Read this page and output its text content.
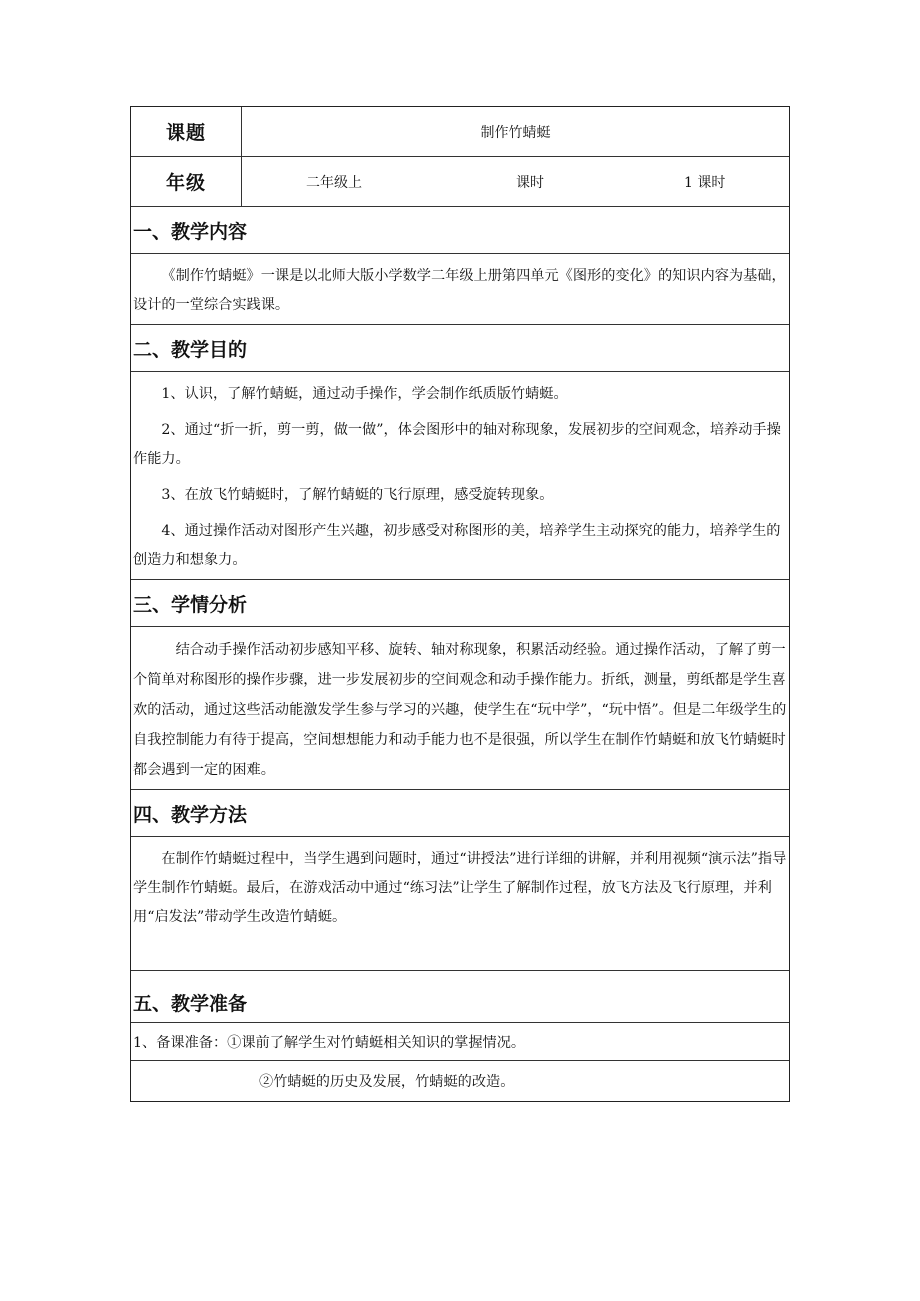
课题	制作竹蜻蜓
年级	二年级上	课时	1 课时
一、教学内容

《制作竹蜻蜓》一课是以北师大版小学数学二年级上册第四单元《图形的变化》的知识内容为基础，设计的一堂综合实践课。

二、教学目的

1、认识，了解竹蜻蜓，通过动手操作，学会制作纸质版竹蜻蜓。

2、通过“折一折，剪一剪，做一做”，体会图形中的轴对称现象，发展初步的空间观念，培养动手操作能力。

3、在放飞竹蜻蜓时，了解竹蜻蜓的飞行原理，感受旋转现象。

4、通过操作活动对图形产生兴趣，初步感受对称图形的美，培养学生主动探究的能力，培养学生的创造力和想象力。

三、学情分析

结合动手操作活动初步感知平移、旋转、轴对称现象，积累活动经验。通过操作活动，了解了剪一个简单对称图形的操作步骤，进一步发展初步的空间观念和动手操作能力。折纸，测量，剪纸都是学生喜欢的活动，通过这些活动能激发学生参与学习的兴趣，使学生在“玩中学”，“玩中悟”。但是二年级学生的自我控制能力有待于提高，空间想想能力和动手能力也不是很强，所以学生在制作竹蜻蜓和放飞竹蜻蜓时都会遇到一定的困难。

四、教学方法

在制作竹蜻蜓过程中，当学生遇到问题时，通过“讲授法”进行详细的讲解，并利用视频“演示法”指导学生制作竹蜻蜓。最后，在游戏活动中通过“练习法”让学生了解制作过程，放飞方法及飞行原理，并利用“启发法”带动学生改造竹蜻蜓。

五、教学准备
1、备课准备：①课前了解学生对竹蜻蜓相关知识的掌握情况。
②竹蜻蜓的历史及发展，竹蜻蜓的改造。
